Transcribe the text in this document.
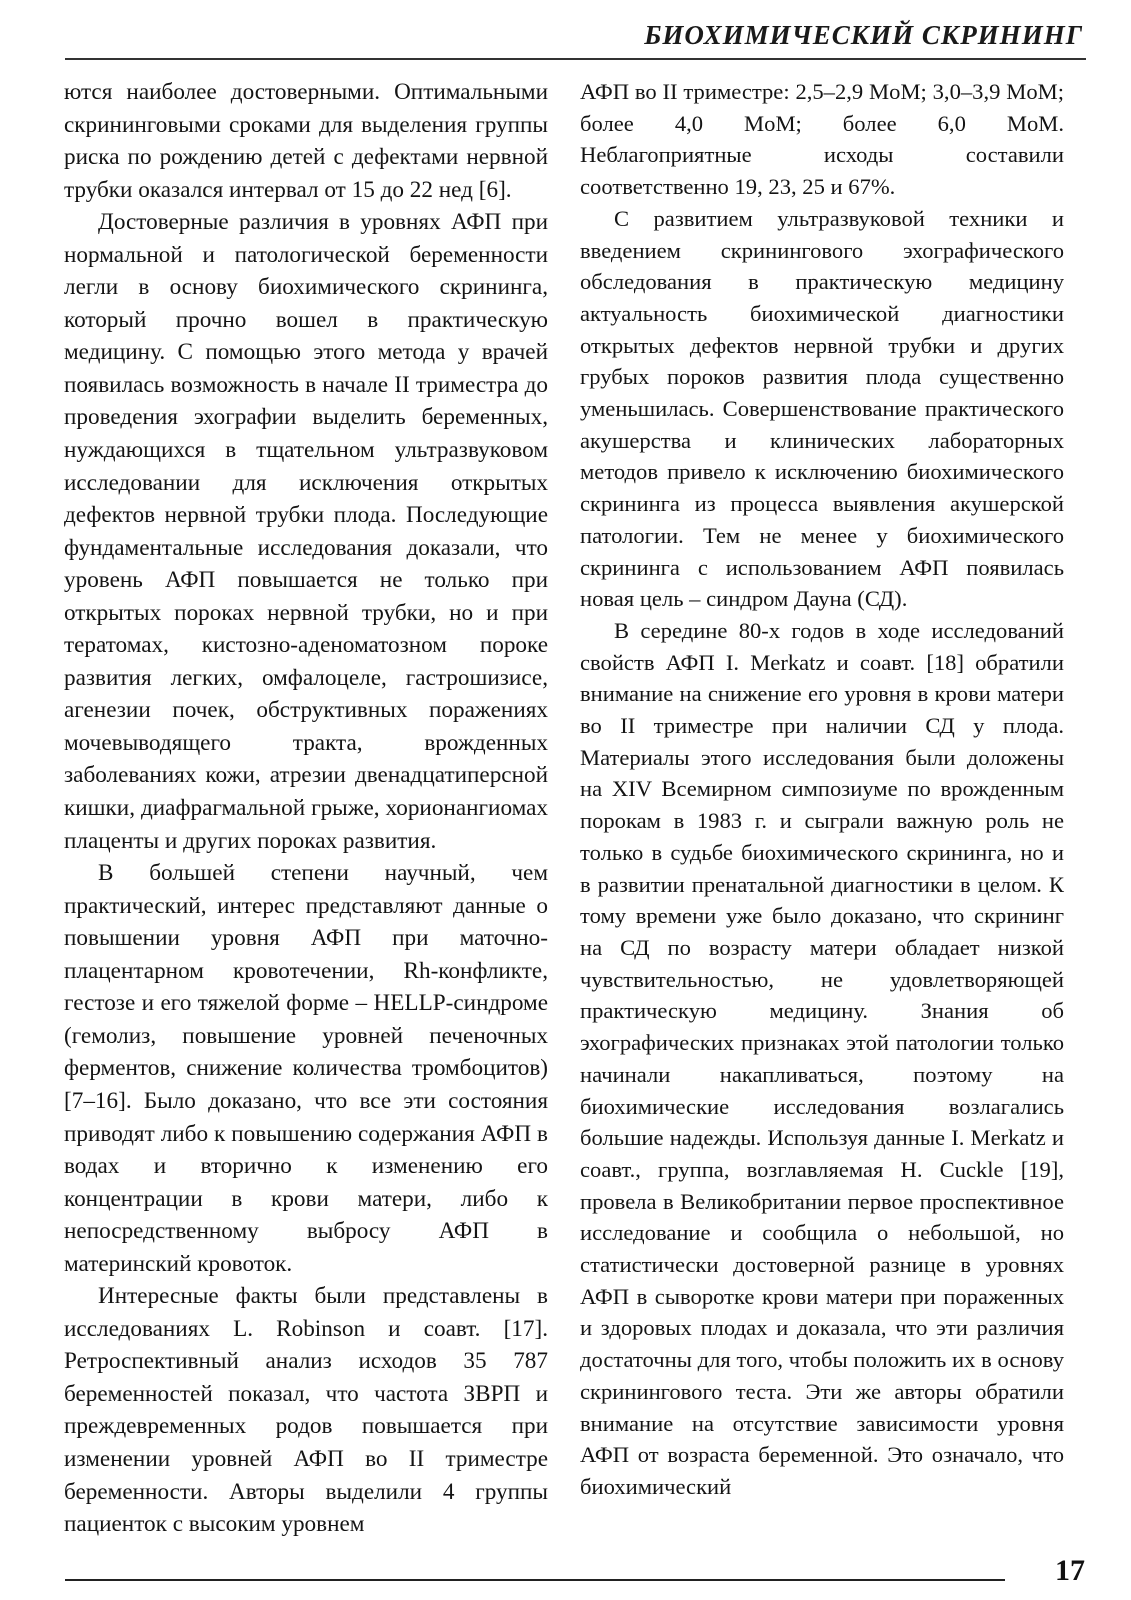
БИОХИМИЧЕСКИЙ СКРИНИНГ

ются наиболее достоверными. Оптимальными скрининговыми сроками для выделения группы риска по рождению детей с дефектами нервной трубки оказался интервал от 15 до 22 нед [6].

Достоверные различия в уровнях АФП при нормальной и патологической беременности легли в основу биохимического скрининга, который прочно вошел в практическую медицину. С помощью этого метода у врачей появилась возможность в начале II триместра до проведения эхографии выделить беременных, нуждающихся в тщательном ультразвуковом исследовании для исключения открытых дефектов нервной трубки плода. Последующие фундаментальные исследования доказали, что уровень АФП повышается не только при открытых пороках нервной трубки, но и при тератомах, кистозно-аденоматозном пороке развития легких, омфалоцеле, гастрошизисе, агенезии почек, обструктивных поражениях мочевыводящего тракта, врожденных заболеваниях кожи, атрезии двенадцатиперсной кишки, диафрагмальной грыже, хорионангиомах плаценты и других пороках развития.

В большей степени научный, чем практический, интерес представляют данные о повышении уровня АФП при маточно-плацентарном кровотечении, Rh-конфликте, гестозе и его тяжелой форме – HELLP-синдроме (гемолиз, повышение уровней печеночных ферментов, снижение количества тромбоцитов) [7–16]. Было доказано, что все эти состояния приводят либо к повышению содержания АФП в водах и вторично к изменению его концентрации в крови матери, либо к непосредственному выбросу АФП в материнский кровоток.

Интересные факты были представлены в исследованиях L. Robinson и соавт. [17]. Ретроспективный анализ исходов 35 787 беременностей показал, что частота ЗВРП и преждевременных родов повышается при изменении уровней АФП во II триместре беременности. Авторы выделили 4 группы пациенток с высоким уровнем

АФП во II триместре: 2,5–2,9 MoM; 3,0–3,9 MoM; более 4,0 MoM; более 6,0 MoM. Неблагоприятные исходы составили соответственно 19, 23, 25 и 67%.

С развитием ультразвуковой техники и введением скринингового эхографического обследования в практическую медицину актуальность биохимической диагностики открытых дефектов нервной трубки и других грубых пороков развития плода существенно уменьшилась. Совершенствование практического акушерства и клинических лабораторных методов привело к исключению биохимического скрининга из процесса выявления акушерской патологии. Тем не менее у биохимического скрининга с использованием АФП появилась новая цель – синдром Дауна (СД).

В середине 80-х годов в ходе исследований свойств АФП I. Merkatz и соавт. [18] обратили внимание на снижение его уровня в крови матери во II триместре при наличии СД у плода. Материалы этого исследования были доложены на XIV Всемирном симпозиуме по врожденным порокам в 1983 г. и сыграли важную роль не только в судьбе биохимического скрининга, но и в развитии пренатальной диагностики в целом. К тому времени уже было доказано, что скрининг на СД по возрасту матери обладает низкой чувствительностью, не удовлетворяющей практическую медицину. Знания об эхографических признаках этой патологии только начинали накапливаться, поэтому на биохимические исследования возлагались большие надежды. Используя данные I. Merkatz и соавт., группа, возглавляемая H. Cuckle [19], провела в Великобритании первое проспективное исследование и сообщила о небольшой, но статистически достоверной разнице в уровнях АФП в сыворотке крови матери при пораженных и здоровых плодах и доказала, что эти различия достаточны для того, чтобы положить их в основу скринингового теста. Эти же авторы обратили внимание на отсутствие зависимости уровня АФП от возраста беременной. Это означало, что биохимический

17
